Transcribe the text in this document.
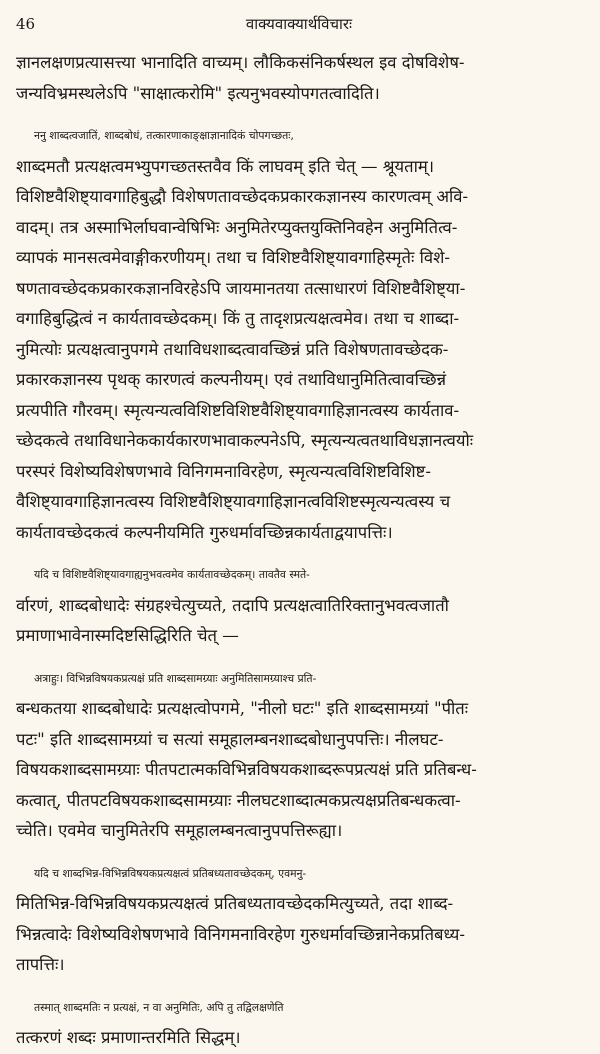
46	वाक्यवाक्यार्थविचारः

ज्ञानलक्षणप्रत्यासत्त्या भानादिति वाच्यम्। लौकिकसंनिकर्षस्थल इव दोषविशेष-
जन्यविभ्रमस्थलेऽपि "साक्षात्करोमि" इत्यनुभवस्योपगतत्वादिति।

ननु शाब्दत्वजातिं, शाब्दबोधं, तत्कारणाकाङ्क्षाज्ञानादिकं चोपगच्छतः,
शाब्दमतौ प्रत्यक्षत्वमभ्युपगच्छतस्तवैव किं लाघवम् इति चेत् — श्रूयताम्।
विशिष्टवैशिष्ट्यावगाहिबुद्धौ विशेषणतावच्छेदकप्रकारकज्ञानस्य कारणत्वम् अवि-
वादम्। तत्र अस्माभिर्लाघवान्वेषिभिः अनुमितेरप्युक्तयुक्तिनिवहेन अनुमितित्व-
व्यापकं मानसत्वमेवाङ्गीकरणीयम्। तथा च विशिष्टवैशिष्ट्यावगाहिस्मृतेः विशे-
षणतावच्छेदकप्रकारकज्ञानविरहेऽपि जायमानतया तत्साधारणं विशिष्टवैशिष्ट्या-
वगाहिबुद्धित्वं न कार्यतावच्छेदकम्। किं तु तादृशप्रत्यक्षत्वमेव। तथा च शाब्दा-
नुमित्योः प्रत्यक्षत्वानुपगमे तथाविधशाब्दत्वावच्छिन्नं प्रति विशेषणतावच्छेदक-
प्रकारकज्ञानस्य पृथक् कारणत्वं कल्पनीयम्। एवं तथाविधानुमितित्वावच्छिन्नं
प्रत्यपीति गौरवम्। स्मृत्यन्यत्वविशिष्टविशिष्टवैशिष्ट्यावगाहिज्ञानत्वस्य कार्यताव-
च्छेदकत्वे तथाविधानेककार्यकारणभावाकल्पनेऽपि, स्मृत्यन्यत्वतथाविधज्ञानत्वयोः
परस्परं विशेष्यविशेषणभावे विनिगमनाविरहेण, स्मृत्यन्यत्वविशिष्टविशिष्ट-
वैशिष्ट्यावगाहिज्ञानत्वस्य विशिष्टवैशिष्ट्यावगाहिज्ञानत्वविशिष्टस्मृत्यन्यत्वस्य च
कार्यतावच्छेदकत्वं कल्पनीयमिति गुरुधर्मावच्छिन्नकार्यताद्वयापत्तिः।

यदि च विशिष्टवैशिष्ट्यावगाह्यनुभवत्वमेव कार्यतावच्छेदकम्। तावतैव स्मते-
र्वारणं, शाब्दबोधादेः संग्रहश्चेत्युच्यते, तदापि प्रत्यक्षत्वातिरिक्तानुभवत्वजातौ
प्रमाणाभावेनास्मदिष्टसिद्धिरिति चेत् —

अत्राहुः। विभिन्नविषयकप्रत्यक्षं प्रति शाब्दसामग्र्याः अनुमितिसामग्र्याश्च प्रति-
बन्धकतया शाब्दबोधादेः प्रत्यक्षत्वोपगमे, "नीलो घटः" इति शाब्दसामग्र्यां "पीतः
पटः" इति शाब्दसामग्र्यां च सत्यां समूहालम्बनशाब्दबोधानुपपत्तिः। नीलघट-
विषयकशाब्दसामग्र्याः पीतपटात्मकविभिन्नविषयकशाब्दरूपप्रत्यक्षं प्रति प्रतिबन्ध-
कत्वात्, पीतपटविषयकशाब्दसामग्र्याः नीलघटशाब्दात्मकप्रत्यक्षप्रतिबन्धकत्वा-
च्चेति। एवमेव चानुमितेरपि समूहालम्बनत्वानुपपत्तिरूह्या।

यदि च शाब्दभिन्न-विभिन्नविषयकप्रत्यक्षत्वं प्रतिबध्यतावच्छेदकम्, एवमनु-
मितिभिन्न-विभिन्नविषयकप्रत्यक्षत्वं प्रतिबध्यतावच्छेदकमित्युच्यते, तदा शाब्द-
भिन्नत्वादेः विशेष्यविशेषणभावे विनिगमनाविरहेण गुरुधर्मावच्छिन्नानेकप्रतिबध्य-
तापत्तिः।

तस्मात् शाब्दमतिः न प्रत्यक्षं, न वा अनुमितिः, अपि तु तद्विलक्षणेति
तत्करणं शब्दः प्रमाणान्तरमिति सिद्धम्।
